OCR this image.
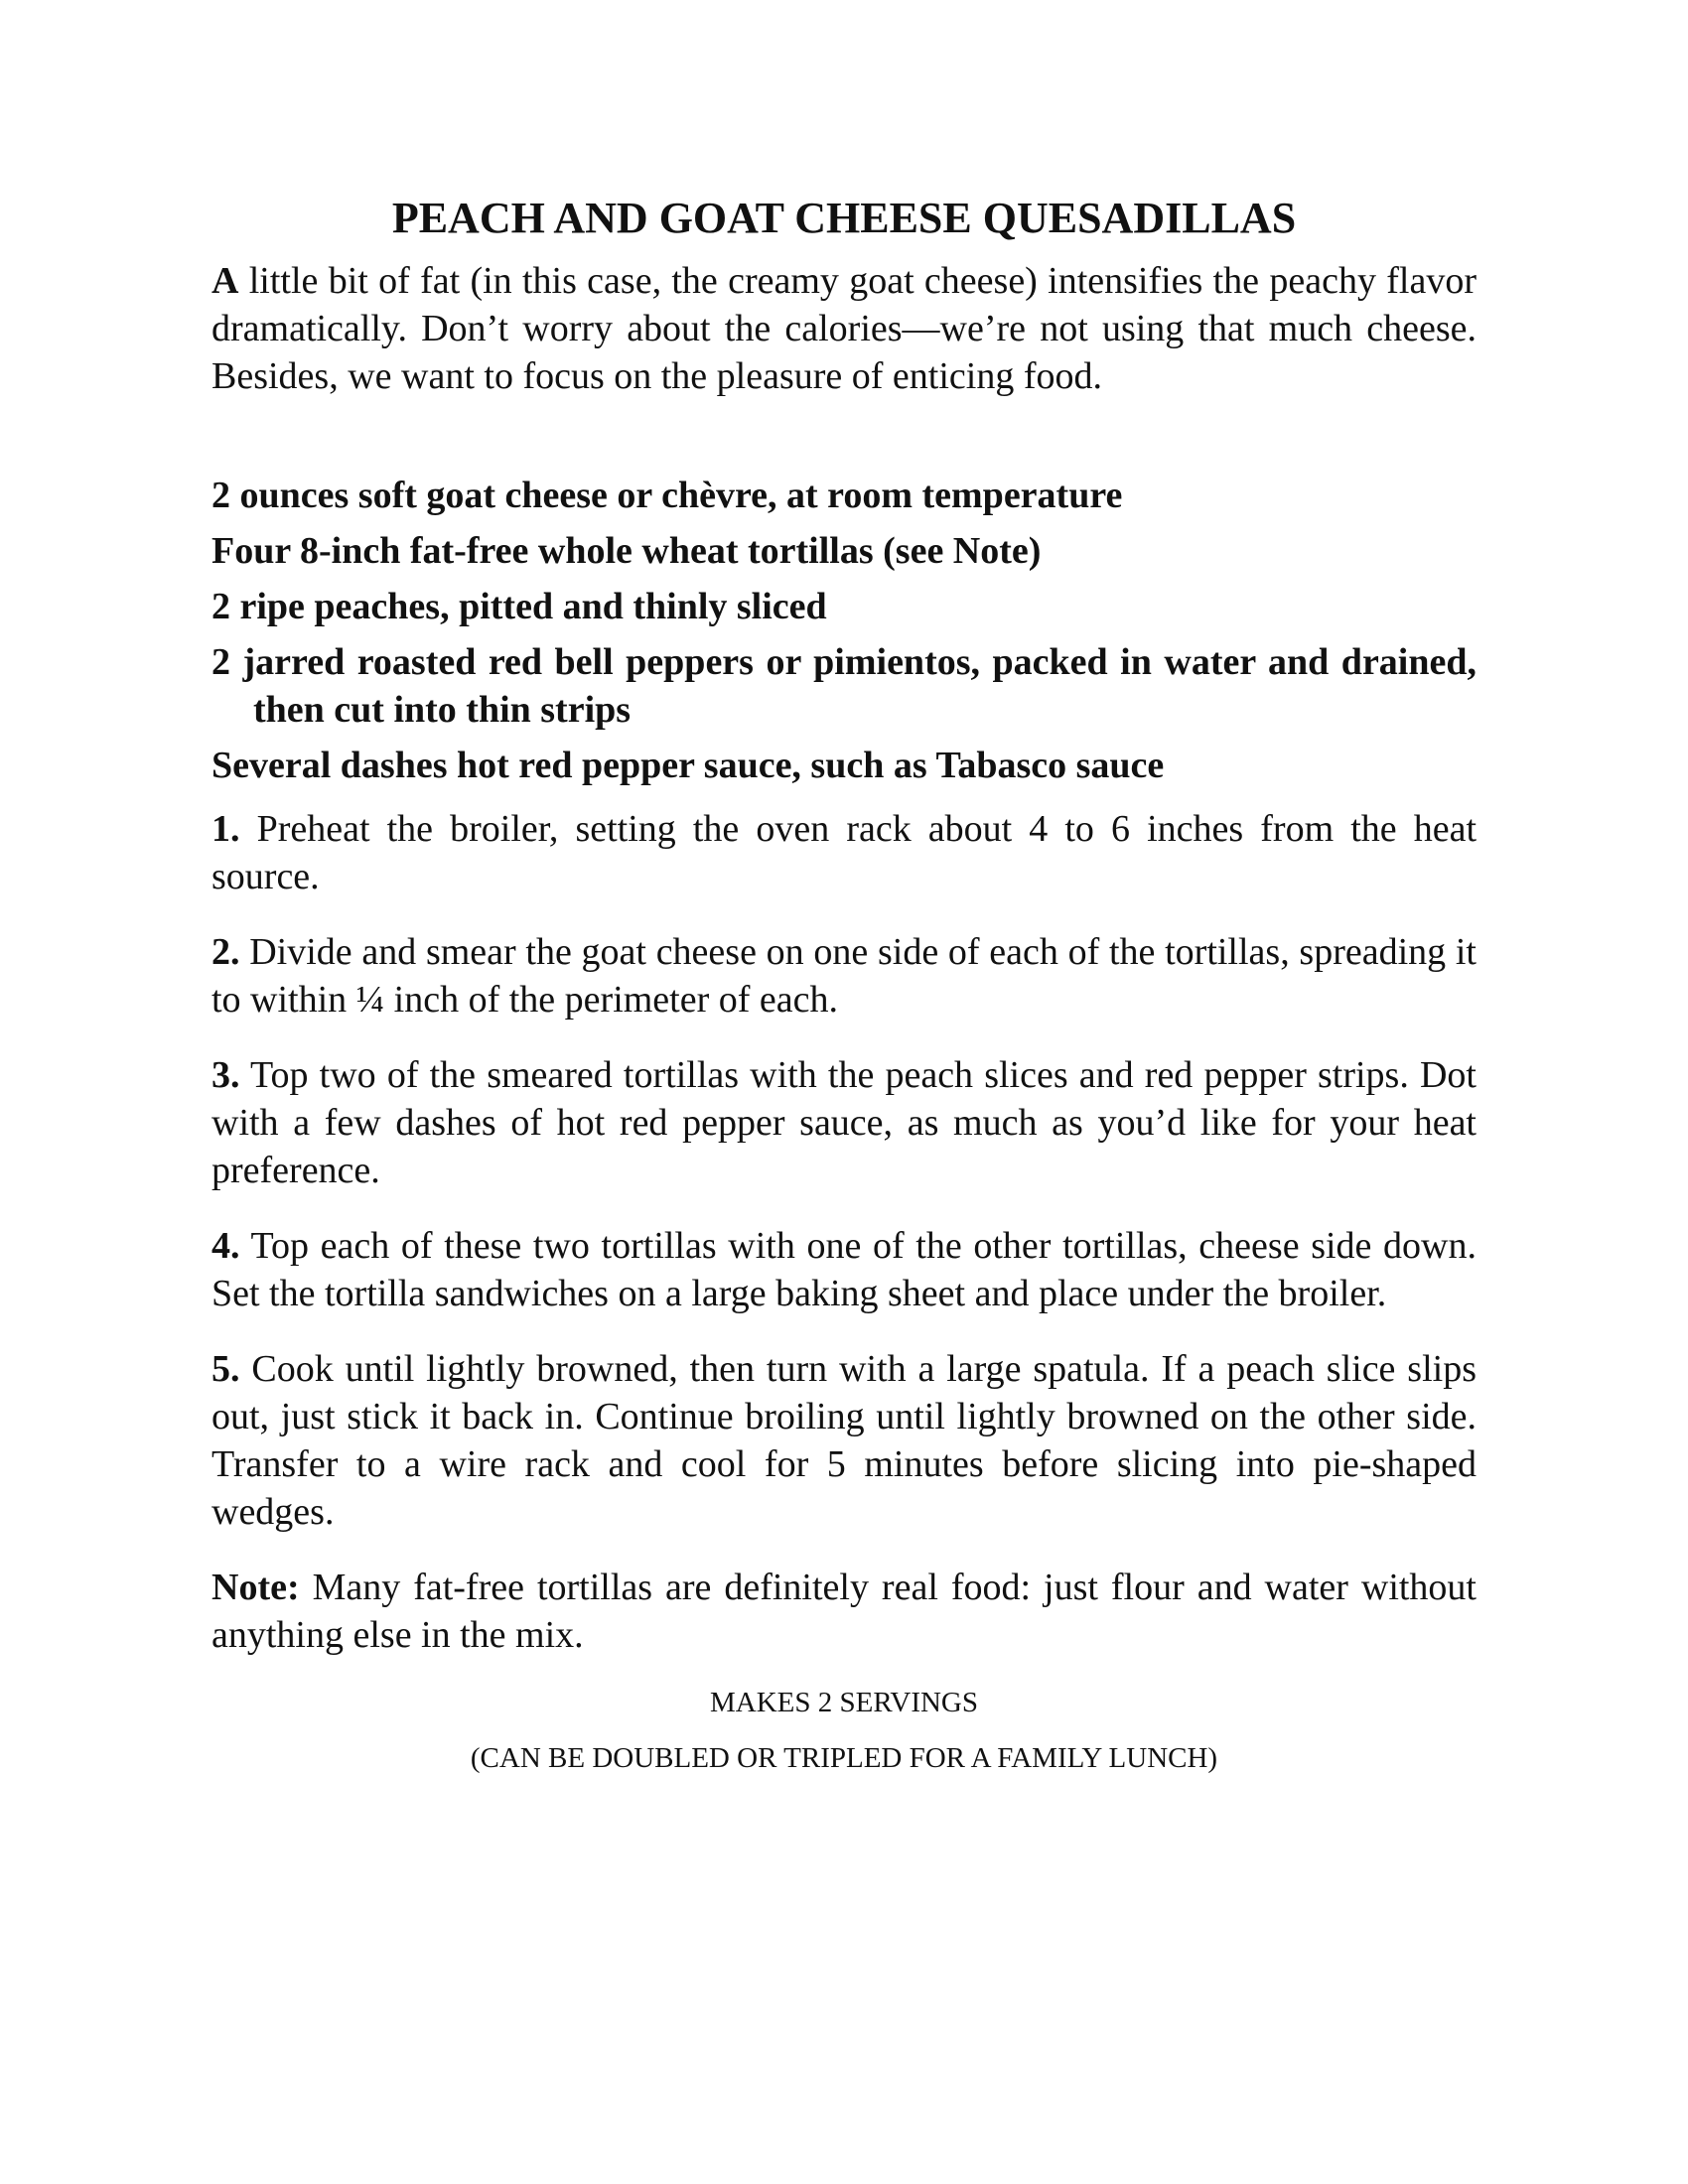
PEACH AND GOAT CHEESE QUESADILLAS

A little bit of fat (in this case, the creamy goat cheese) intensifies the peachy flavor dramatically. Don’t worry about the calories—we’re not using that much cheese. Besides, we want to focus on the pleasure of enticing food.

2 ounces soft goat cheese or chèvre, at room temperature
Four 8-inch fat-free whole wheat tortillas (see Note)
2 ripe peaches, pitted and thinly sliced
2 jarred roasted red bell peppers or pimientos, packed in water and drained, then cut into thin strips
Several dashes hot red pepper sauce, such as Tabasco sauce

1. Preheat the broiler, setting the oven rack about 4 to 6 inches from the heat source.

2. Divide and smear the goat cheese on one side of each of the tortillas, spreading it to within ¼ inch of the perimeter of each.

3. Top two of the smeared tortillas with the peach slices and red pepper strips. Dot with a few dashes of hot red pepper sauce, as much as you’d like for your heat preference.

4. Top each of these two tortillas with one of the other tortillas, cheese side down. Set the tortilla sandwiches on a large baking sheet and place under the broiler.

5. Cook until lightly browned, then turn with a large spatula. If a peach slice slips out, just stick it back in. Continue broiling until lightly browned on the other side. Transfer to a wire rack and cool for 5 minutes before slicing into pie-shaped wedges.

Note: Many fat-free tortillas are definitely real food: just flour and water without anything else in the mix.

MAKES 2 SERVINGS

(CAN BE DOUBLED OR TRIPLED FOR A FAMILY LUNCH)
